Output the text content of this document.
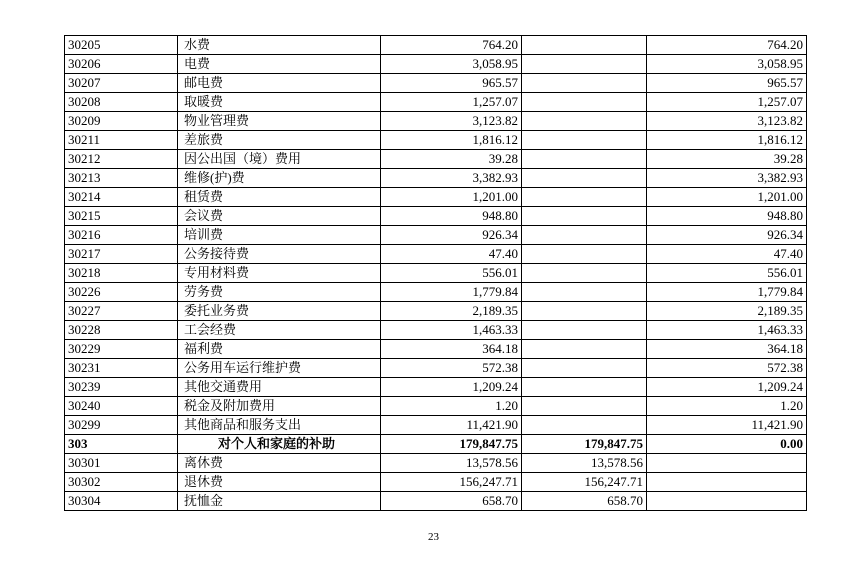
30205	水费	764.20		764.20
30206	电费	3,058.95		3,058.95
30207	邮电费	965.57		965.57
30208	取暖费	1,257.07		1,257.07
30209	物业管理费	3,123.82		3,123.82
30211	差旅费	1,816.12		1,816.12
30212	因公出国（境）费用	39.28		39.28
30213	维修(护)费	3,382.93		3,382.93
30214	租赁费	1,201.00		1,201.00
30215	会议费	948.80		948.80
30216	培训费	926.34		926.34
30217	公务接待费	47.40		47.40
30218	专用材料费	556.01		556.01
30226	劳务费	1,779.84		1,779.84
30227	委托业务费	2,189.35		2,189.35
30228	工会经费	1,463.33		1,463.33
30229	福利费	364.18		364.18
30231	公务用车运行维护费	572.38		572.38
30239	其他交通费用	1,209.24		1,209.24
30240	税金及附加费用	1.20		1.20
30299	其他商品和服务支出	11,421.90		11,421.90
303	对个人和家庭的补助	179,847.75	179,847.75	0.00
30301	离休费	13,578.56	13,578.56	
30302	退休费	156,247.71	156,247.71	
30304	抚恤金	658.70	658.70	
23
